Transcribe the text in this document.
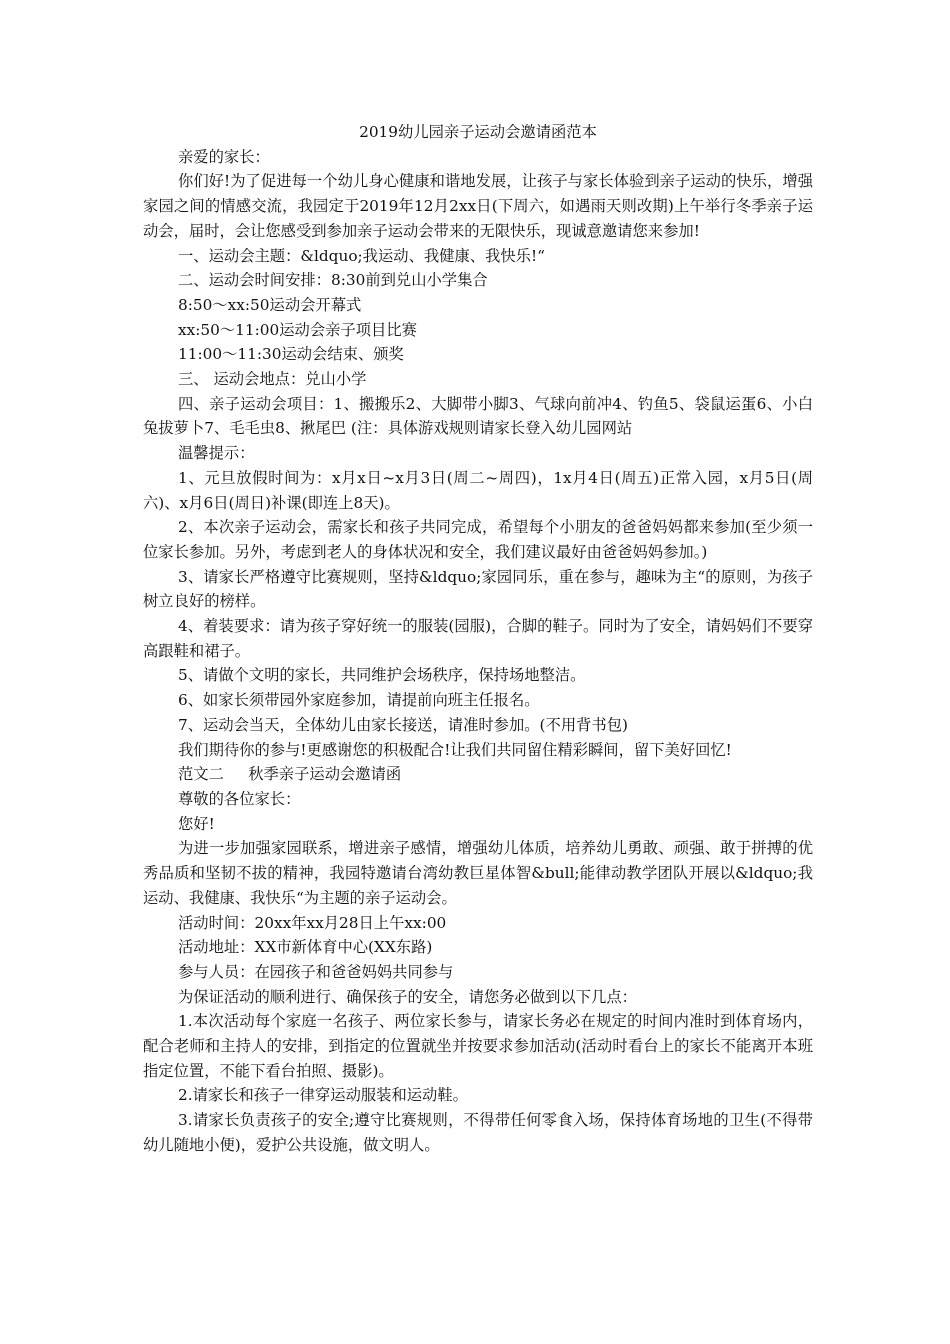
2019幼儿园亲子运动会邀请函范本

亲爱的家长：

你们好!为了促进每一个幼儿身心健康和谐地发展，让孩子与家长体验到亲子运动的快乐，增强家园之间的情感交流，我园定于2019年12月2xx日(下周六，如遇雨天则改期)上午举行冬季亲子运动会，届时，会让您感受到参加亲子运动会带来的无限快乐，现诚意邀请您来参加!

一、运动会主题：&ldquo;我运动、我健康、我快乐!“

二、运动会时间安排：8:30前到兑山小学集合

8:50～xx:50运动会开幕式

xx:50～11:00运动会亲子项目比赛

11:00～11:30运动会结束、颁奖

三、 运动会地点：兑山小学

四、亲子运动会项目：1、搬搬乐2、大脚带小脚3、气球向前冲4、钓鱼5、袋鼠运蛋6、小白兔拔萝卜7、毛毛虫8、揪尾巴 (注：具体游戏规则请家长登入幼儿园网站

温馨提示：

1、元旦放假时间为：x月x日~x月3日(周二~周四)，1x月4日(周五)正常入园，x月5日(周六)、x月6日(周日)补课(即连上8天)。

2、本次亲子运动会，需家长和孩子共同完成，希望每个小朋友的爸爸妈妈都来参加(至少须一位家长参加。另外，考虑到老人的身体状况和安全，我们建议最好由爸爸妈妈参加。)

3、请家长严格遵守比赛规则，坚持&ldquo;家园同乐，重在参与，趣味为主“的原则，为孩子树立良好的榜样。

4、着装要求：请为孩子穿好统一的服装(园服)，合脚的鞋子。同时为了安全，请妈妈们不要穿高跟鞋和裙子。

5、请做个文明的家长，共同维护会场秩序，保持场地整洁。

6、如家长须带园外家庭参加，请提前向班主任报名。

7、运动会当天，全体幼儿由家长接送，请准时参加。(不用背书包)

我们期待你的参与!更感谢您的积极配合!让我们共同留住精彩瞬间，留下美好回忆!

范文二     秋季亲子运动会邀请函

尊敬的各位家长：

您好!

为进一步加强家园联系，增进亲子感情，增强幼儿体质，培养幼儿勇敢、顽强、敢于拼搏的优秀品质和坚韧不拔的精神，我园特邀请台湾幼教巨星体智&bull;能律动教学团队开展以&ldquo;我运动、我健康、我快乐“为主题的亲子运动会。

活动时间：20xx年xx月28日上午xx:00

活动地址：XX市新体育中心(XX东路)

参与人员：在园孩子和爸爸妈妈共同参与

为保证活动的顺利进行、确保孩子的安全，请您务必做到以下几点：

1.本次活动每个家庭一名孩子、两位家长参与，请家长务必在规定的时间内准时到体育场内，配合老师和主持人的安排，到指定的位置就坐并按要求参加活动(活动时看台上的家长不能离开本班指定位置，不能下看台拍照、摄影)。

2.请家长和孩子一律穿运动服装和运动鞋。

3.请家长负责孩子的安全;遵守比赛规则，不得带任何零食入场，保持体育场地的卫生(不得带幼儿随地小便)，爱护公共设施，做文明人。
